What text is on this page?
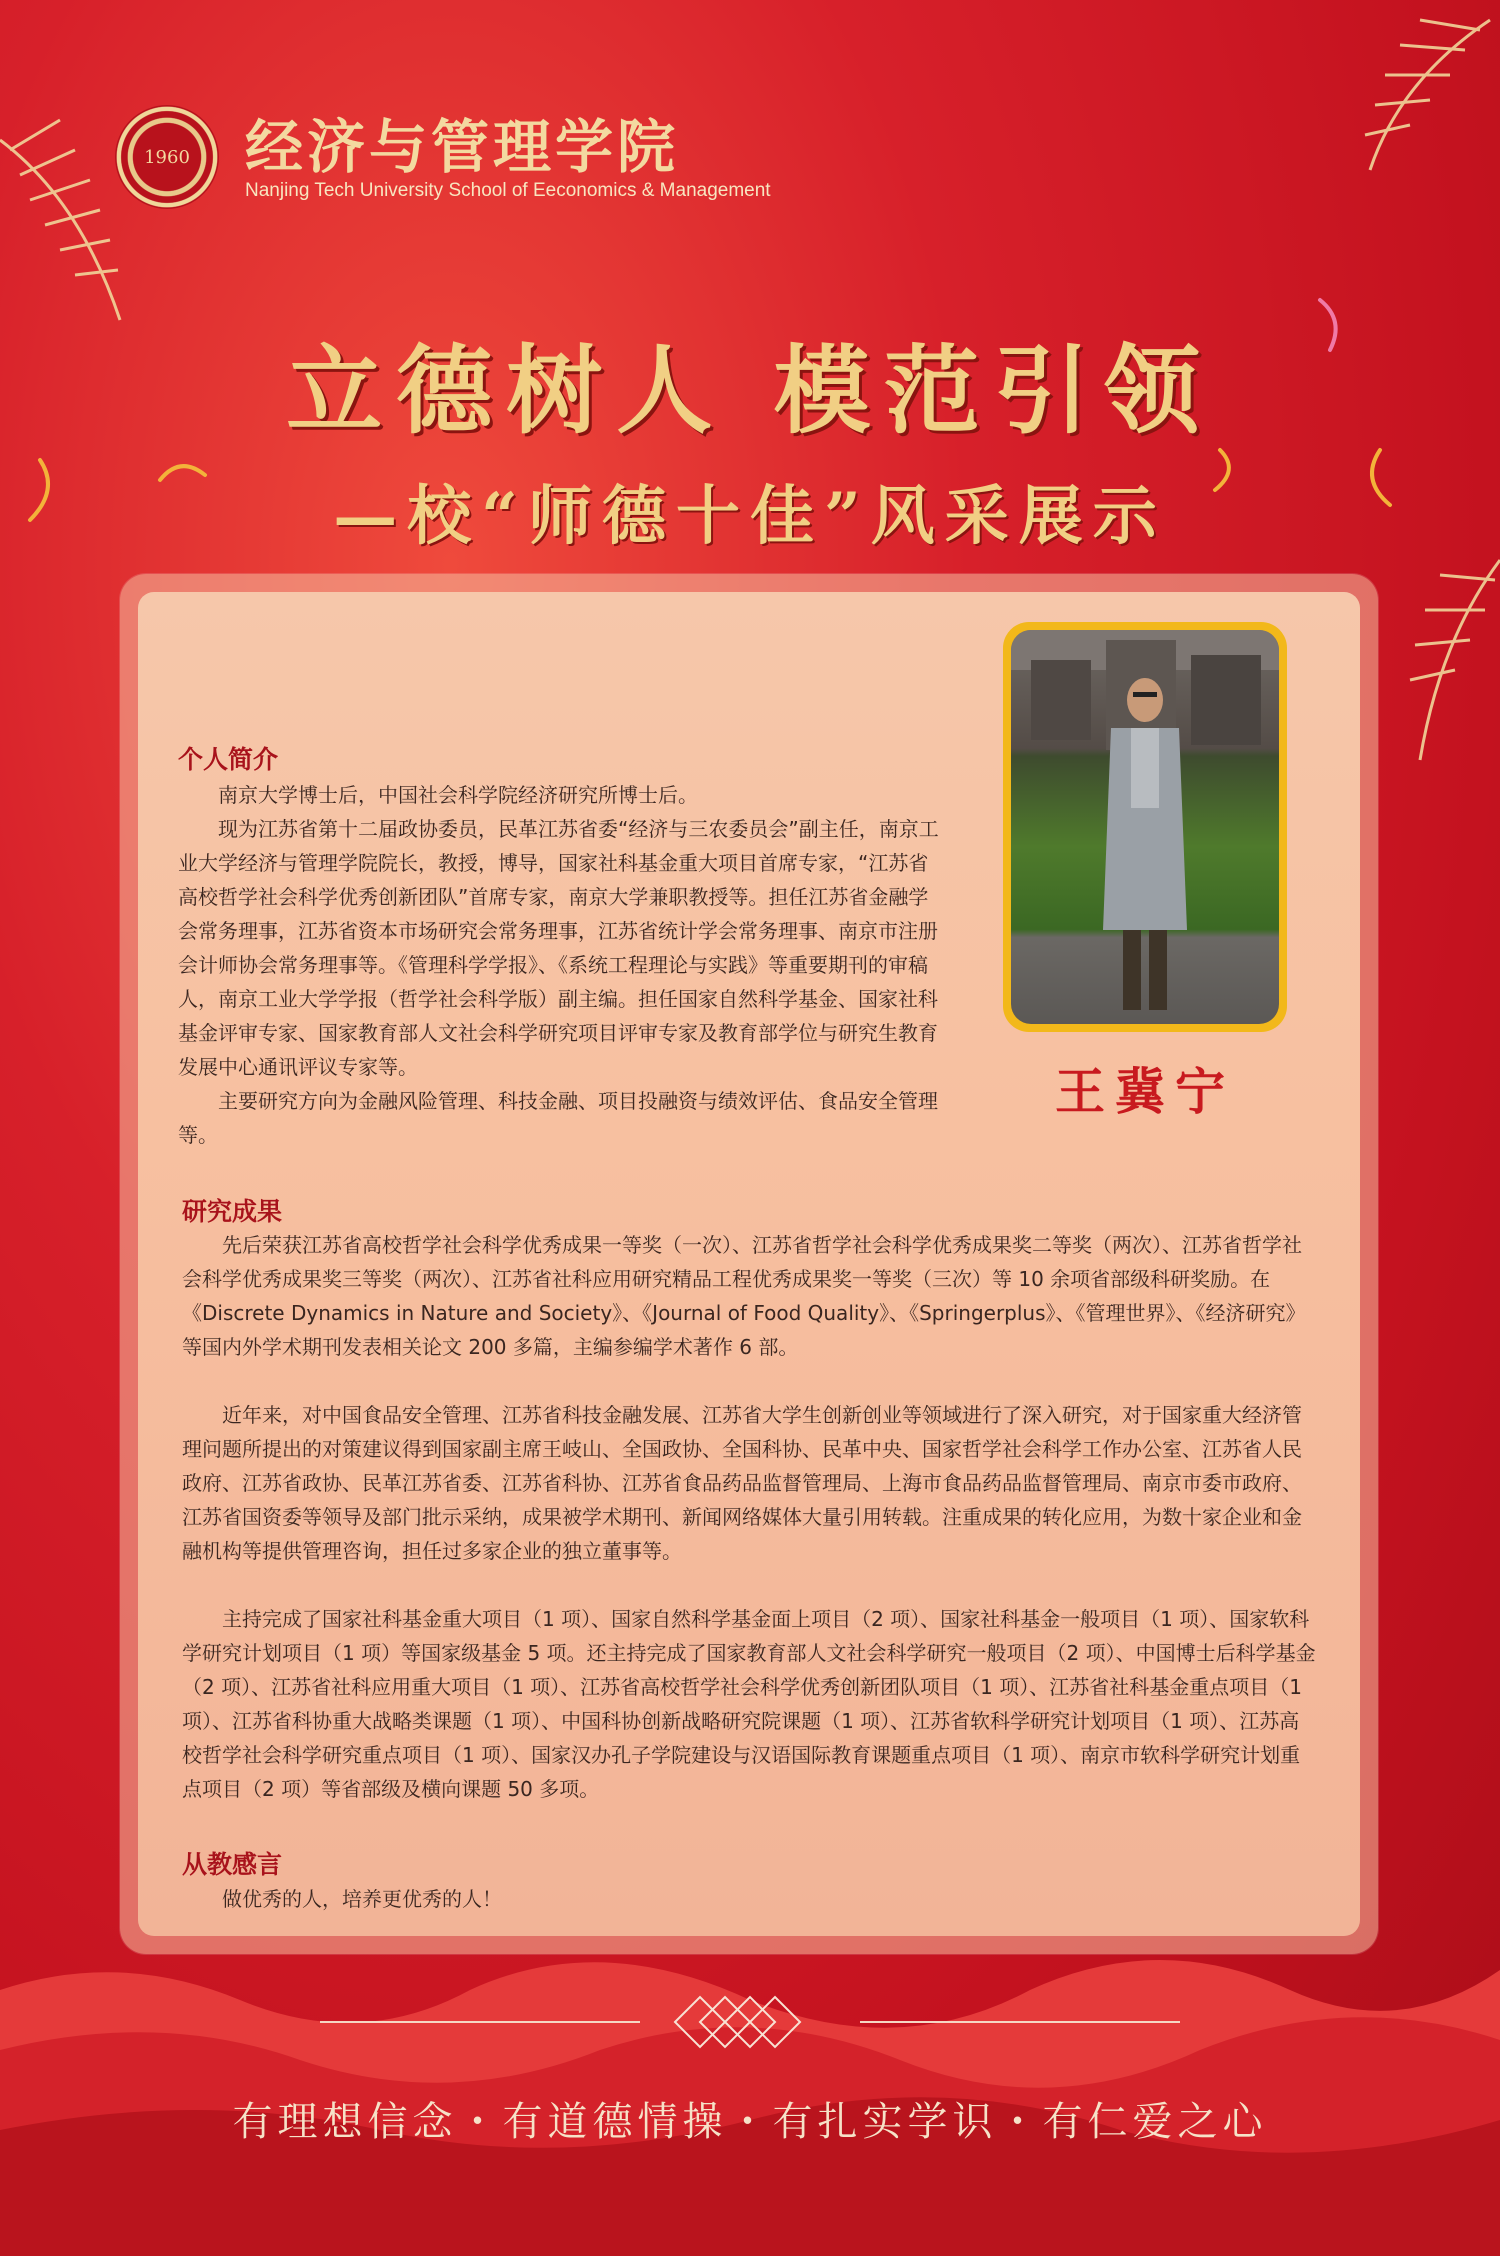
1960 经济与管理学院
Nanjing Tech University School of Eeconomics & Management
立德树人 模范引领
—校“师德十佳”风采展示
王冀宁
个人简介

南京大学博士后，中国社会科学院经济研究所博士后。

现为江苏省第十二届政协委员，民革江苏省委“经济与三农委员会”副主任，南京工业大学经济与管理学院院长，教授，博导，国家社科基金重大项目首席专家，“江苏省高校哲学社会科学优秀创新团队”首席专家，南京大学兼职教授等。担任江苏省金融学会常务理事，江苏省资本市场研究会常务理事，江苏省统计学会常务理事、南京市注册会计师协会常务理事等。《管理科学学报》、《系统工程理论与实践》等重要期刊的审稿人，南京工业大学学报（哲学社会科学版）副主编。担任国家自然科学基金、国家社科基金评审专家、国家教育部人文社会科学研究项目评审专家及教育部学位与研究生教育发展中心通讯评议专家等。

主要研究方向为金融风险管理、科技金融、项目投融资与绩效评估、食品安全管理等。

研究成果

先后荣获江苏省高校哲学社会科学优秀成果一等奖（一次）、江苏省哲学社会科学优秀成果奖二等奖（两次）、江苏省哲学社会科学优秀成果奖三等奖（两次）、江苏省社科应用研究精品工程优秀成果奖一等奖（三次）等 10 余项省部级科研奖励。在《Discrete Dynamics in Nature and Society》、《Journal of Food Quality》、《Springerplus》、《管理世界》、《经济研究》等国内外学术期刊发表相关论文 200 多篇，主编参编学术著作 6 部。

近年来，对中国食品安全管理、江苏省科技金融发展、江苏省大学生创新创业等领域进行了深入研究，对于国家重大经济管理问题所提出的对策建议得到国家副主席王岐山、全国政协、全国科协、民革中央、国家哲学社会科学工作办公室、江苏省人民政府、江苏省政协、民革江苏省委、江苏省科协、江苏省食品药品监督管理局、上海市食品药品监督管理局、南京市委市政府、江苏省国资委等领导及部门批示采纳，成果被学术期刊、新闻网络媒体大量引用转载。注重成果的转化应用，为数十家企业和金融机构等提供管理咨询，担任过多家企业的独立董事等。

主持完成了国家社科基金重大项目（1 项）、国家自然科学基金面上项目（2 项）、国家社科基金一般项目（1 项）、国家软科学研究计划项目（1 项）等国家级基金 5 项。还主持完成了国家教育部人文社会科学研究一般项目（2 项）、中国博士后科学基金（2 项）、江苏省社科应用重大项目（1 项）、江苏省高校哲学社会科学优秀创新团队项目（1 项）、江苏省社科基金重点项目（1 项）、江苏省科协重大战略类课题（1 项）、中国科协创新战略研究院课题（1 项）、江苏省软科学研究计划项目（1 项）、江苏高校哲学社会科学研究重点项目（1 项）、国家汉办孔子学院建设与汉语国际教育课题重点项目（1 项）、南京市软科学研究计划重点项目（2 项）等省部级及横向课题 50 多项。

从教感言

做优秀的人，培养更优秀的人！

有理想信念・有道德情操・有扎实学识・有仁爱之心
